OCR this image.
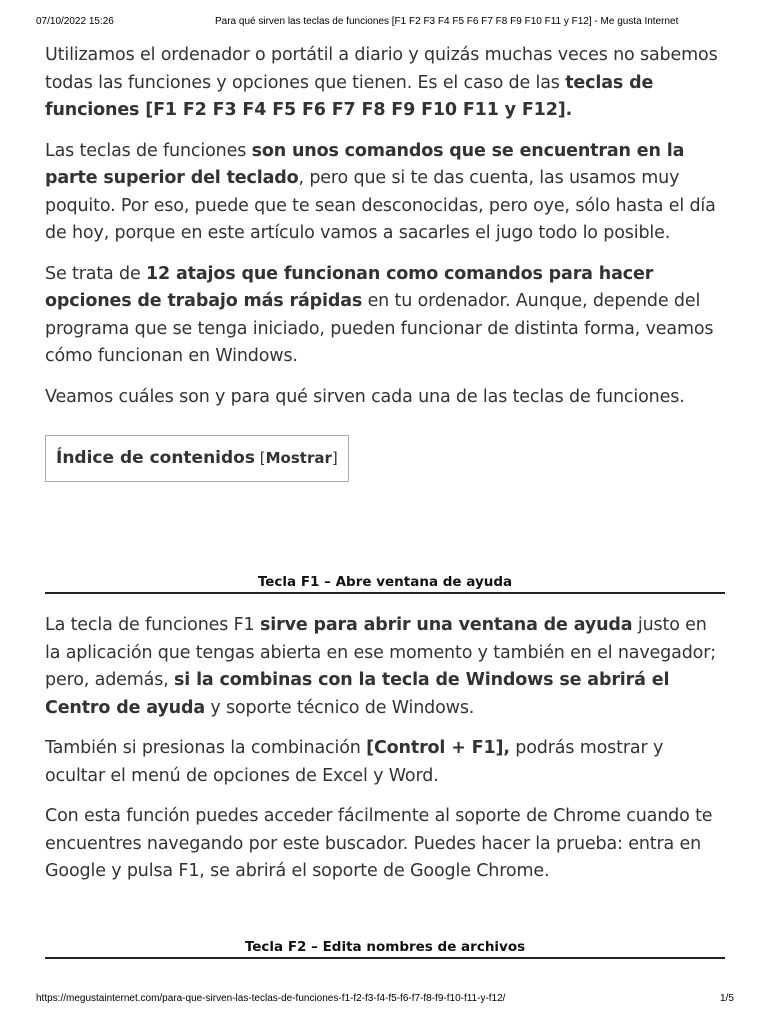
07/10/2022 15:26	Para qué sirven las teclas de funciones [F1 F2 F3 F4 F5 F6 F7 F8 F9 F10 F11 y F12] - Me gusta Internet

Utilizamos el ordenador o portátil a diario y quizás muchas veces no sabemos todas las funciones y opciones que tienen. Es el caso de las teclas de funciones [F1 F2 F3 F4 F5 F6 F7 F8 F9 F10 F11 y F12].

Las teclas de funciones son unos comandos que se encuentran en la parte superior del teclado, pero que si te das cuenta, las usamos muy poquito. Por eso, puede que te sean desconocidas, pero oye, sólo hasta el día de hoy, porque en este artículo vamos a sacarles el jugo todo lo posible.

Se trata de 12 atajos que funcionan como comandos para hacer opciones de trabajo más rápidas en tu ordenador. Aunque, depende del programa que se tenga iniciado, pueden funcionar de distinta forma, veamos cómo funcionan en Windows.

Veamos cuáles son y para qué sirven cada una de las teclas de funciones.

Índice de contenidos [Mostrar]
Tecla F1 – Abre ventana de ayuda

La tecla de funciones F1 sirve para abrir una ventana de ayuda justo en la aplicación que tengas abierta en ese momento y también en el navegador; pero, además, si la combinas con la tecla de Windows se abrirá el Centro de ayuda y soporte técnico de Windows.

También si presionas la combinación [Control + F1], podrás mostrar y ocultar el menú de opciones de Excel y Word.

Con esta función puedes acceder fácilmente al soporte de Chrome cuando te encuentres navegando por este buscador. Puedes hacer la prueba: entra en Google y pulsa F1, se abrirá el soporte de Google Chrome.

Tecla F2 – Edita nombres de archivos
https://megustainternet.com/para-que-sirven-las-teclas-de-funciones-f1-f2-f3-f4-f5-f6-f7-f8-f9-f10-f11-y-f12/	1/5
